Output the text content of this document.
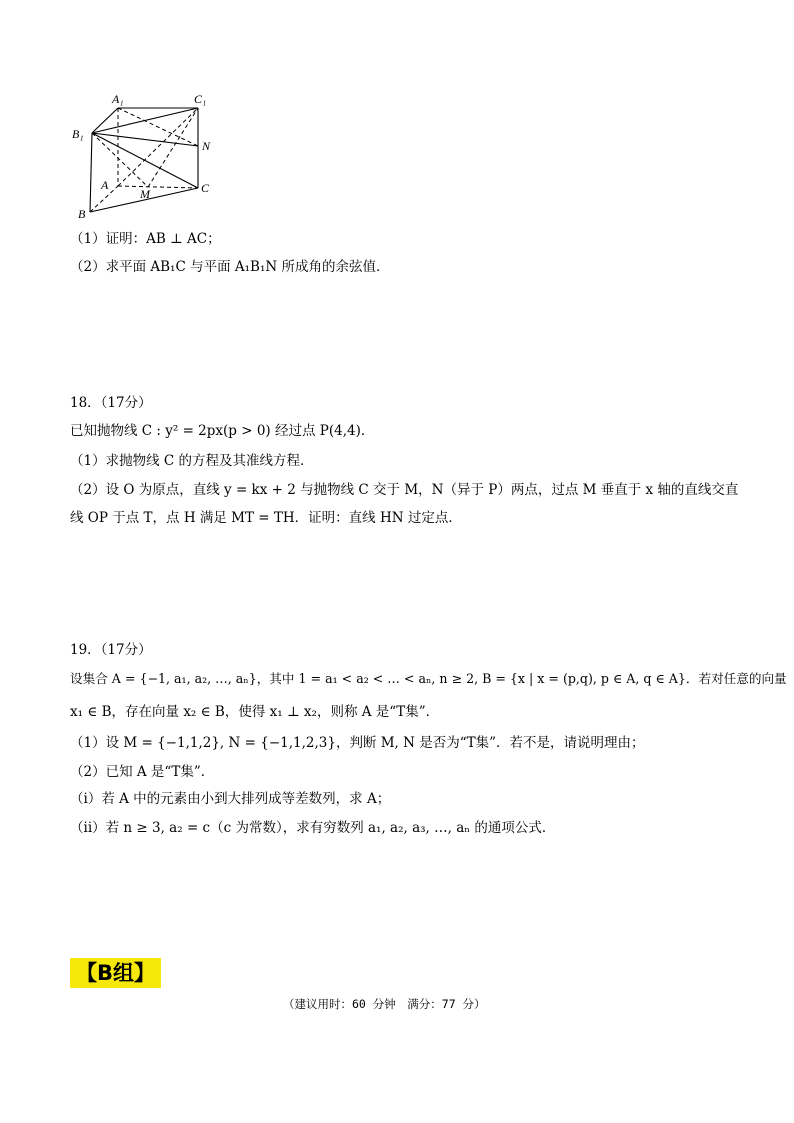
A₁	C₁
B₁
N
A
M	C
B
（1）证明：AB ⊥ AC；
（2）求平面 AB₁C 与平面 A₁B₁N 所成角的余弦值．
18．（17分）
已知抛物线 C : y² = 2px(p > 0) 经过点 P(4,4)．
（1）求抛物线 C 的方程及其准线方程．
（2）设 O 为原点，直线 y = kx + 2 与抛物线 C 交于 M，N（异于 P）两点，过点 M 垂直于 x 轴的直线交直
线 OP 于点 T，点 H 满足 MT = TH．证明：直线 HN 过定点．
19．（17分）
设集合 A = {−1, a₁, a₂, …, aₙ}，其中 1 = a₁ < a₂ < … < aₙ, n ≥ 2, B = {x | x = (p,q), p ∈ A, q ∈ A}．若对任意的向量
x₁ ∈ B，存在向量 x₂ ∈ B，使得 x₁ ⊥ x₂，则称 A 是“T集”．
（1）设 M = {−1,1,2}, N = {−1,1,2,3}，判断 M, N 是否为“T集”．若不是，请说明理由；
（2）已知 A 是“T集”．
（i）若 A 中的元素由小到大排列成等差数列，求 A；
（ii）若 n ≥ 3, a₂ = c（c 为常数），求有穷数列 a₁, a₂, a₃, …, aₙ 的通项公式．
【B组】
（建议用时：60 分钟　满分：77 分）
